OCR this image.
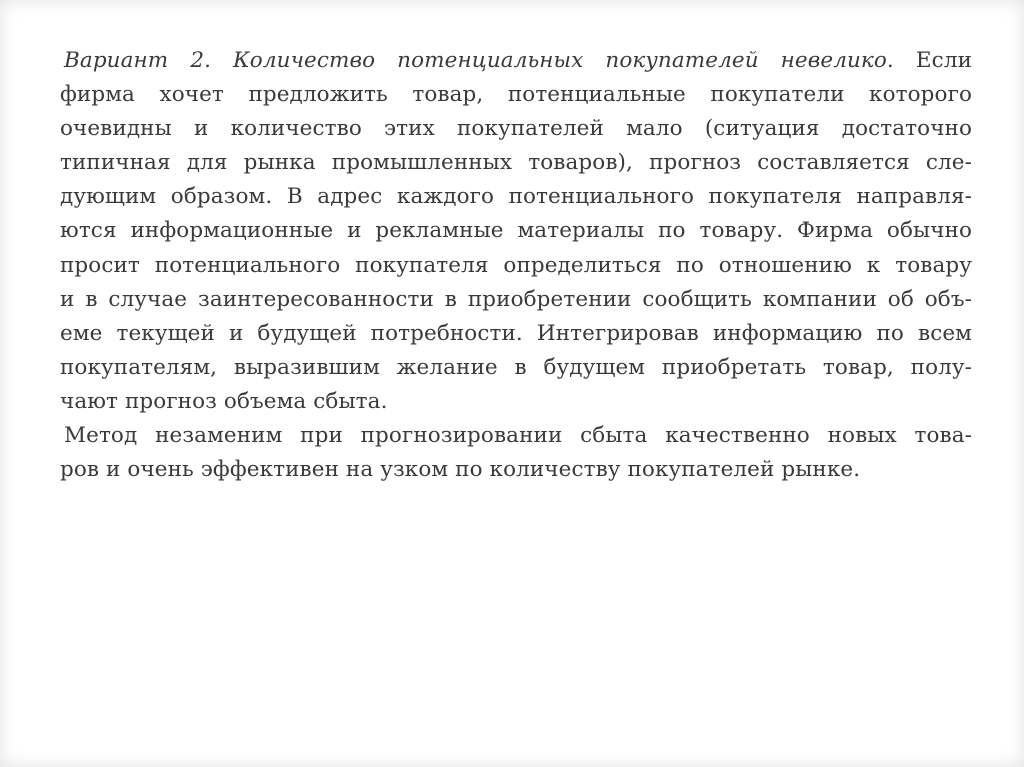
Вариант 2. Количество потенциальных покупателей невелико. Если
фирма хочет предложить товар, потенциальные покупатели которого
очевидны и количество этих покупателей мало (ситуация достаточно
типичная для рынка промышленных товаров), прогноз составляется сле-
дующим образом. В адрес каждого потенциального покупателя направля-
ются информационные и рекламные материалы по товару. Фирма обычно
просит потенциального покупателя определиться по отношению к товару
и в случае заинтересованности в приобретении сообщить компании об объ-
еме текущей и будущей потребности. Интегрировав информацию по всем
покупателям, выразившим желание в будущем приобретать товар, полу-
чают прогноз объема сбыта.
Метод незаменим при прогнозировании сбыта качественно новых това-
ров и очень эффективен на узком по количеству покупателей рынке.
